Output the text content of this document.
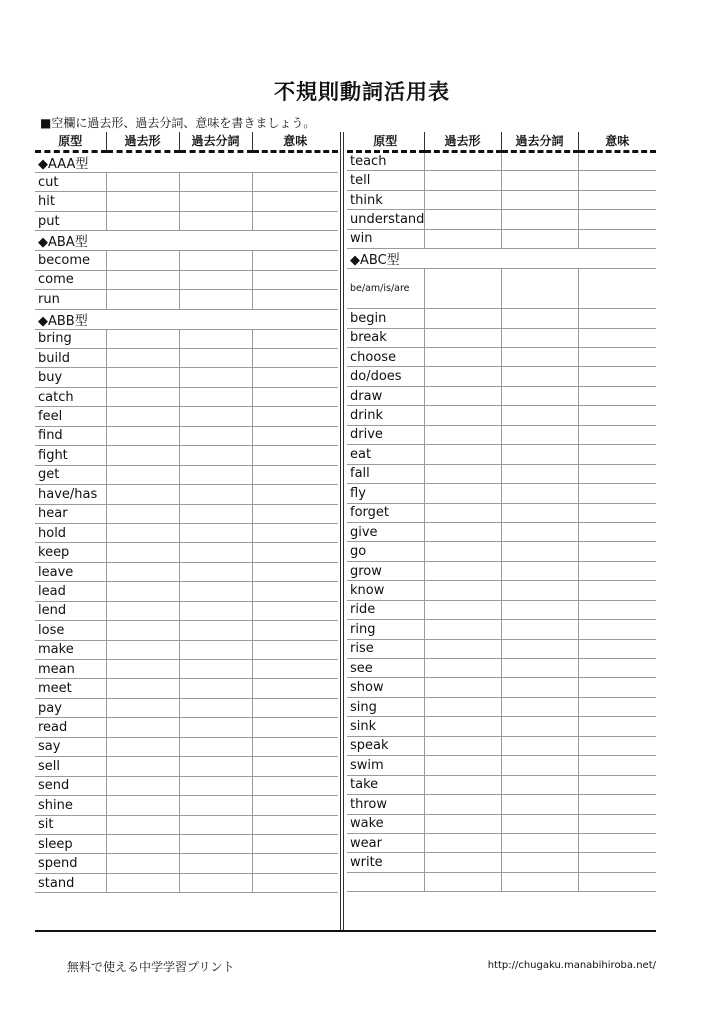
不規則動詞活用表
■空欄に過去形、過去分詞、意味を書きましょう。
原型	過去形	過去分詞	意味
◆AAA型			
cut			
hit			
put			
◆ABA型			
become			
come			
run			
◆ABB型			
bring			
build			
buy			
catch			
feel			
find			
fight			
get			
have/has			
hear			
hold			
keep			
leave			
lead			
lend			
lose			
make			
mean			
meet			
pay			
read			
say			
sell			
send			
shine			
sit			
sleep			
spend			
stand			
原型	過去形	過去分詞	意味
teach			
tell			
think			
understand			
win			
◆ABC型			
be/am/is/are			
begin			
break			
choose			
do/does			
draw			
drink			
drive			
eat			
fall			
fly			
forget			
give			
go			
grow			
know			
ride			
ring			
rise			
see			
show			
sing			
sink			
speak			
swim			
take			
throw			
wake			
wear			
write			

無料で使える中学学習プリント	http://chugaku.manabihiroba.net/
